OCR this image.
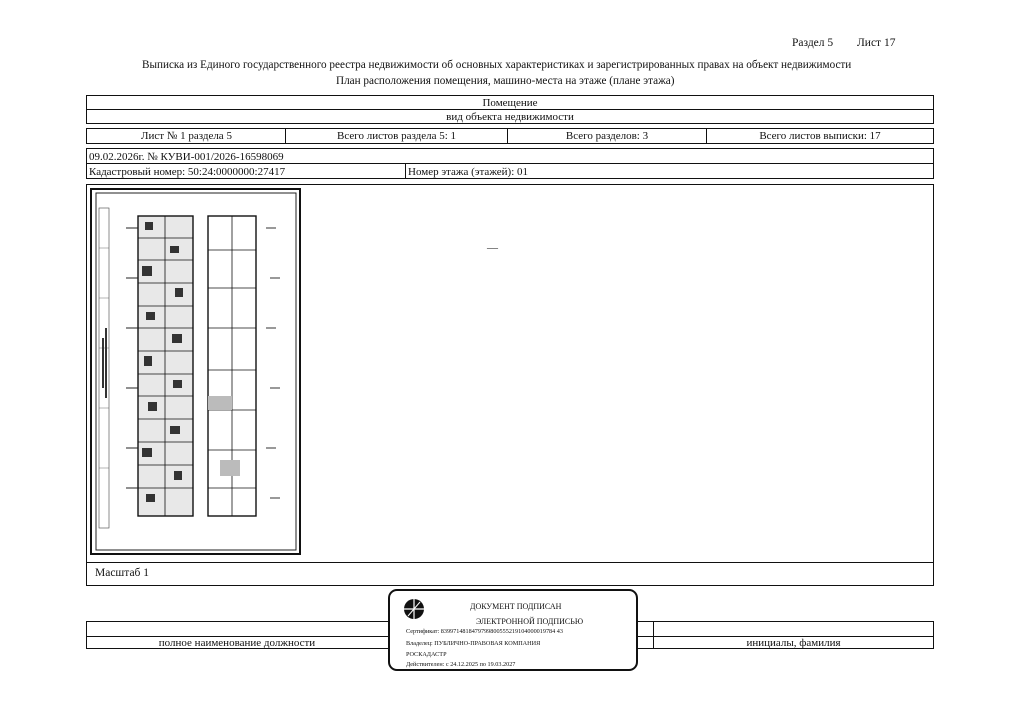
Раздел 5 Лист 17
Выписка из Единого государственного реестра недвижимости об основных характеристиках и зарегистрированных правах на объект недвижимости
План расположения помещения, машино-места на этаже (плане этажа)
Помещение
вид объекта недвижимости
Лист № 1 раздела 5	Всего листов раздела 5: 1	Всего разделов: 3	Всего листов выписки: 17
09.02.2026г. № КУВИ-001/2026-16598069
Кадастровый номер: 50:24:0000000:27417	Номер этажа (этажей): 01
Масштаб 1
—
полное наименование должности	инициалы, фамилия
ДОКУМЕНТ ПОДПИСАН
ЭЛЕКТРОННОЙ ПОДПИСЬЮ
Сертификат: 8399714818479799800555219104000019784 43
Владелец: ПУБЛИЧНО-ПРАВОВАЯ КОМПАНИЯ
РОСКАДАСТР
Действителен: с 24.12.2025 по 19.03.2027
